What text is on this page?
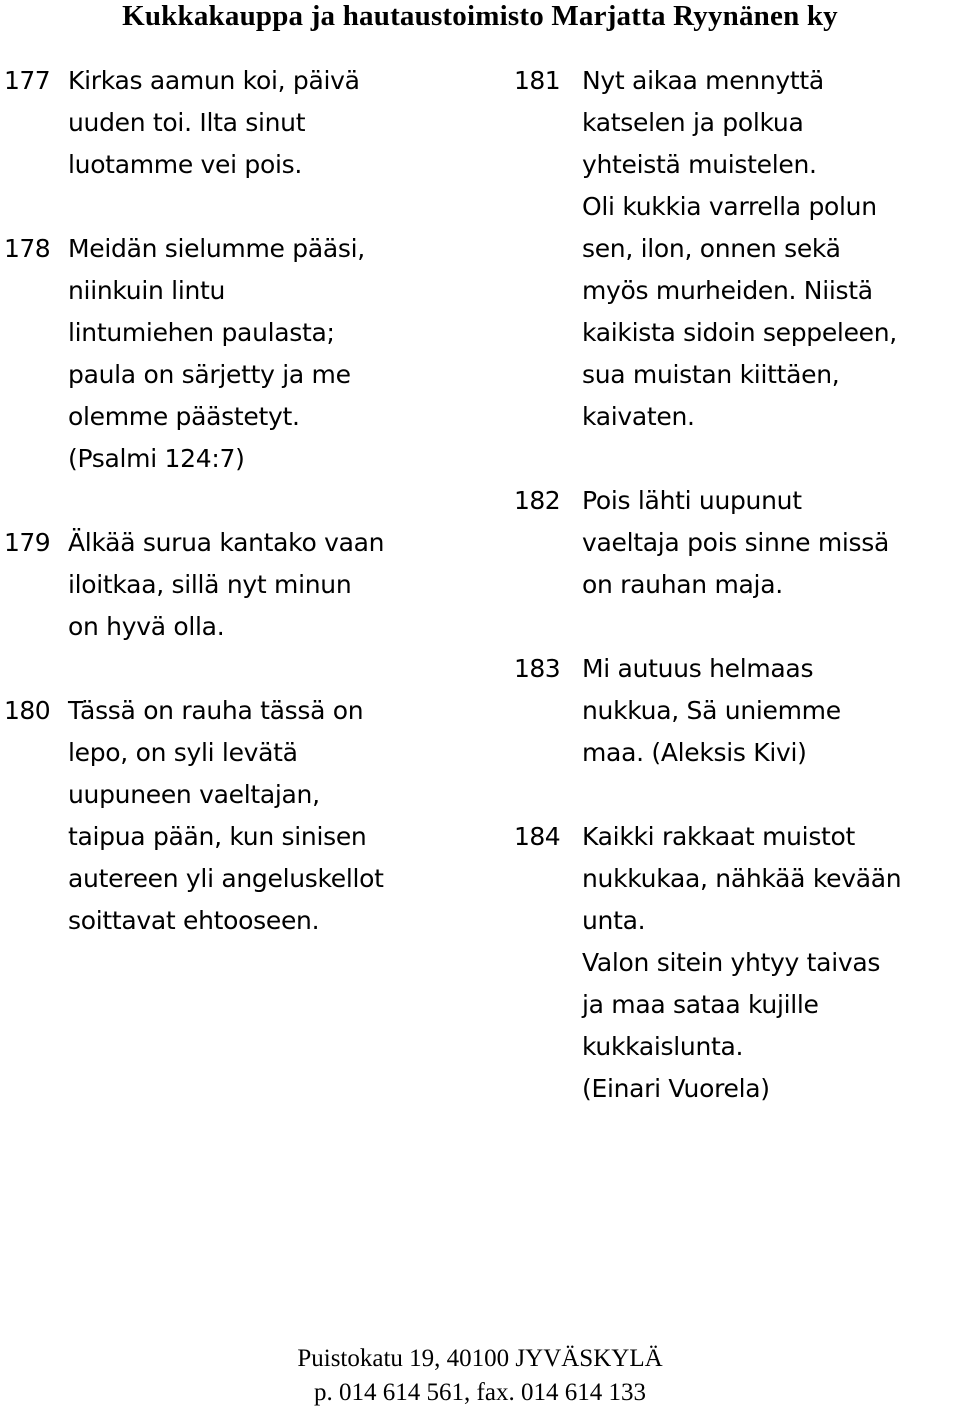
Kukkakauppa ja hautaustoimisto Marjatta Ryynänen ky
177 Kirkas aamun koi, päivä
uuden toi. Ilta sinut
luotamme vei pois.
178 Meidän sielumme pääsi,
niinkuin lintu
lintumiehen paulasta;
paula on särjetty ja me
olemme päästetyt.
(Psalmi 124:7)
179 Älkää surua kantako vaan
iloitkaa, sillä nyt minun
on hyvä olla.
180 Tässä on rauha tässä on
lepo, on syli levätä
uupuneen vaeltajan,
taipua pään, kun sinisen
autereen yli angeluskellot
soittavat ehtooseen.
181 Nyt aikaa mennyttä
katselen ja polkua
yhteistä muistelen.
Oli kukkia varrella polun
sen, ilon, onnen sekä
myös murheiden. Niistä
kaikista sidoin seppeleen,
sua muistan kiittäen,
kaivaten.
182 Pois lähti uupunut
vaeltaja pois sinne missä
on rauhan maja.
183 Mi autuus helmaas
nukkua, Sä uniemme
maa. (Aleksis Kivi)
184 Kaikki rakkaat muistot
nukkukaa, nähkää kevään
unta.
Valon sitein yhtyy taivas
ja maa sataa kujille
kukkaislunta.
(Einari Vuorela)
Puistokatu 19, 40100 JYVÄSKYLÄ
p. 014 614 561, fax. 014 614 133
